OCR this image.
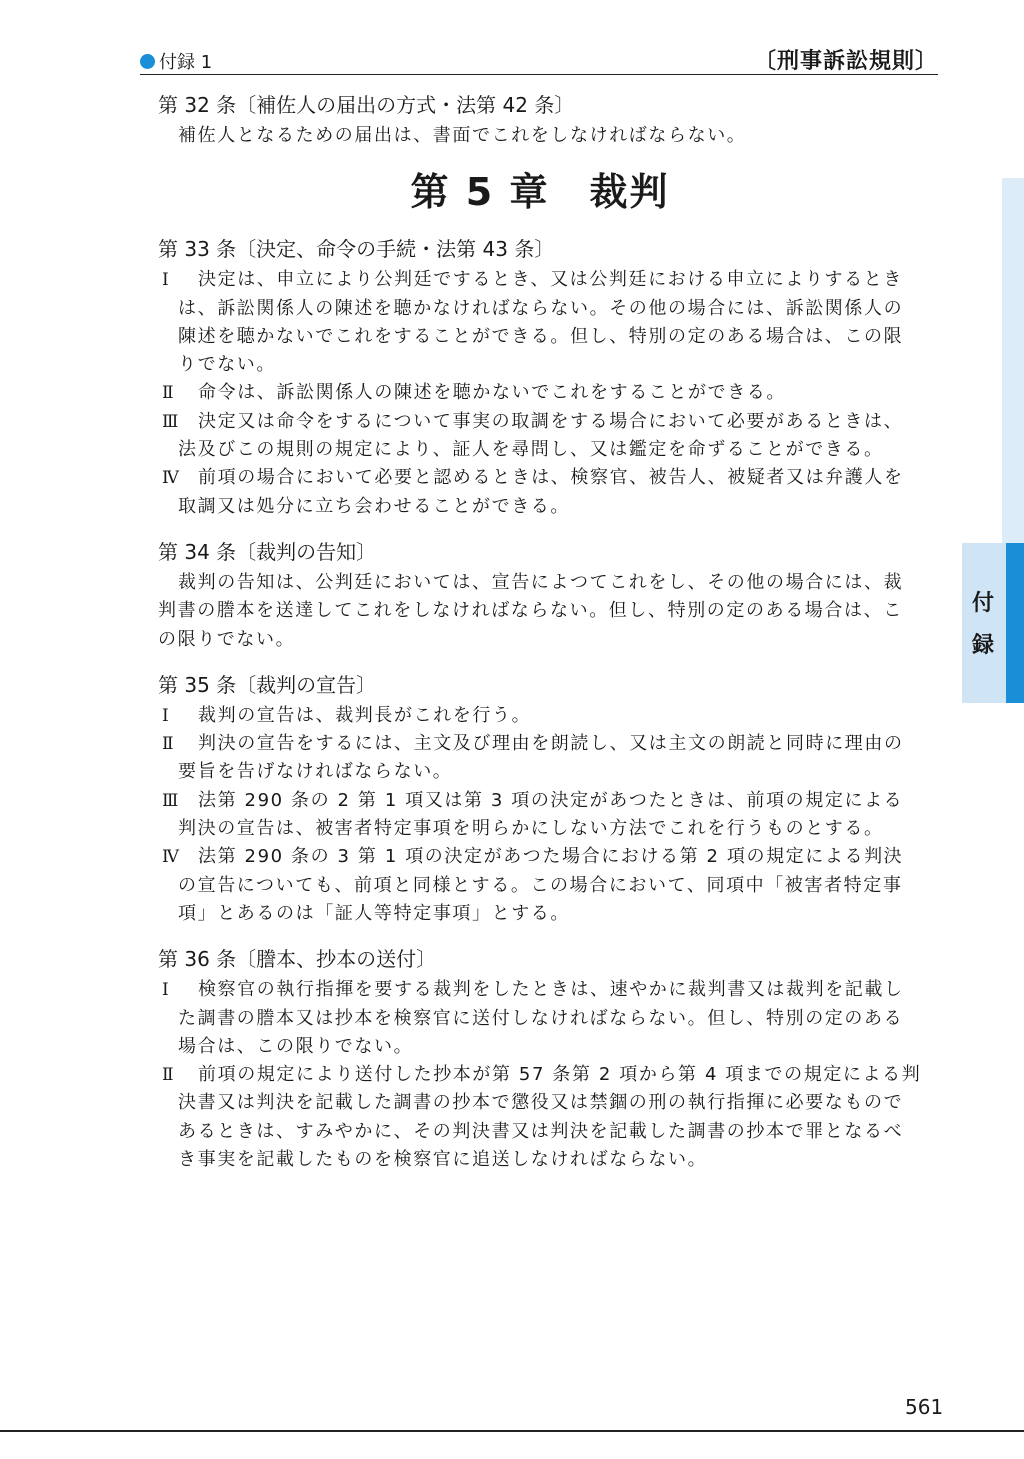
付録 1	〔刑事訴訟規則〕
付
録
第 32 条〔補佐人の届出の方式・法第 42 条〕

補佐人となるための届出は、書面でこれをしなければならない。

第 5 章　裁判
第 33 条〔決定、命令の手続・法第 43 条〕
Ⅰ	決定は、申立により公判廷でするとき、又は公判廷における申立によりするときは、訴訟関係人の陳述を聴かなければならない。その他の場合には、訴訟関係人の陳述を聴かないでこれをすることができる。但し、特別の定のある場合は、この限りでない。
Ⅱ	命令は、訴訟関係人の陳述を聴かないでこれをすることができる。
Ⅲ	決定又は命令をするについて事実の取調をする場合において必要があるときは、法及びこの規則の規定により、証人を尋問し、又は鑑定を命ずることができる。
Ⅳ 前項の場合において必要と認めるときは、検察官、被告人、被疑者又は弁護人を取調又は処分に立ち会わせることができる。
第 34 条〔裁判の告知〕

裁判の告知は、公判廷においては、宣告によつてこれをし、その他の場合には、裁判書の謄本を送達してこれをしなければならない。但し、特別の定のある場合は、この限りでない。

第 35 条〔裁判の宣告〕
Ⅰ	裁判の宣告は、裁判長がこれを行う。
Ⅱ	判決の宣告をするには、主文及び理由を朗読し、又は主文の朗読と同時に理由の要旨を告げなければならない。
Ⅲ	法第 290 条の 2 第 1 項又は第 3 項の決定があつたときは、前項の規定による判決の宣告は、被害者特定事項を明らかにしない方法でこれを行うものとする。
Ⅳ 法第 290 条の 3 第 1 項の決定があつた場合における第 2 項の規定による判決の宣告についても、前項と同様とする。この場合において、同項中「被害者特定事項」とあるのは「証人等特定事項」とする。
第 36 条〔謄本、抄本の送付〕
Ⅰ	検察官の執行指揮を要する裁判をしたときは、速やかに裁判書又は裁判を記載した調書の謄本又は抄本を検察官に送付しなければならない。但し、特別の定のある場合は、この限りでない。
Ⅱ	前項の規定により送付した抄本が第 57 条第 2 項から第 4 項までの規定による判決書又は判決を記載した調書の抄本で懲役又は禁錮の刑の執行指揮に必要なものであるときは、すみやかに、その判決書又は判決を記載した調書の抄本で罪となるべき事実を記載したものを検察官に追送しなければならない。
561
